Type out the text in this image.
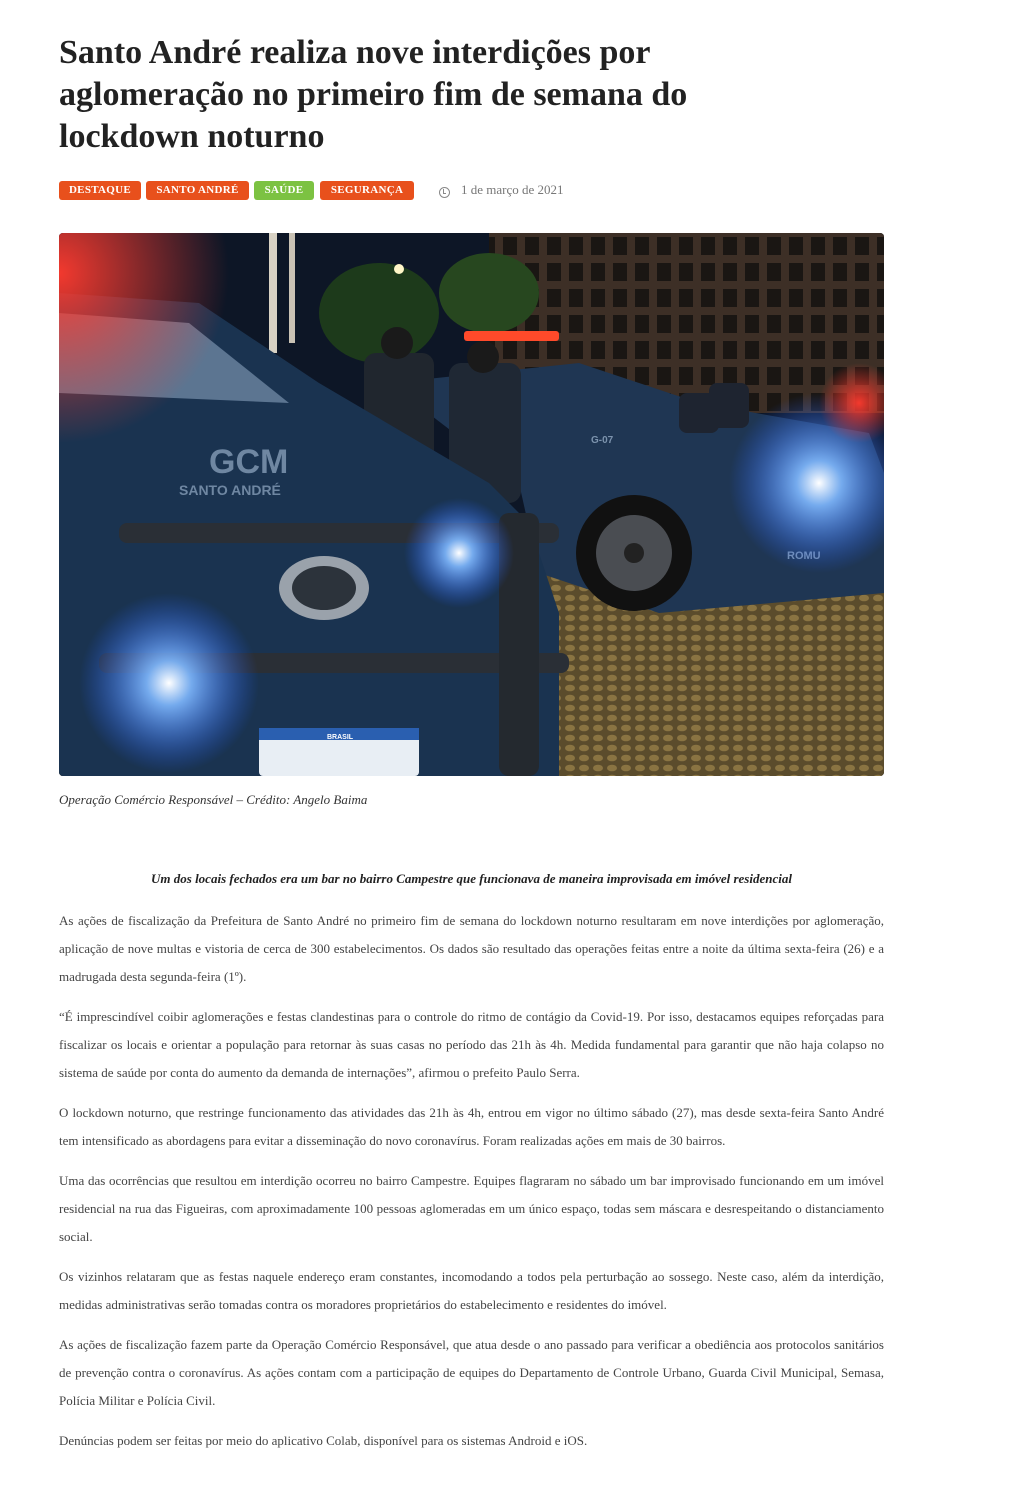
Santo André realiza nove interdições por aglomeração no primeiro fim de semana do lockdown noturno
DESTAQUE	SANTO ANDRÉ	SAÚDE	SEGURANÇA	1 de março de 2021
GCM
SANTO ANDRÉ
G-07
BRASIL
Operação Comércio Responsável – Crédito: Angelo Baima
Um dos locais fechados era um bar no bairro Campestre que funcionava de maneira improvisada em imóvel residencial

As ações de fiscalização da Prefeitura de Santo André no primeiro fim de semana do lockdown noturno resultaram em nove interdições por aglomeração, aplicação de nove multas e vistoria de cerca de 300 estabelecimentos. Os dados são resultado das operações feitas entre a noite da última sexta-feira (26) e a madrugada desta segunda-feira (1º).

“É imprescindível coibir aglomerações e festas clandestinas para o controle do ritmo de contágio da Covid-19. Por isso, destacamos equipes reforçadas para fiscalizar os locais e orientar a população para retornar às suas casas no período das 21h às 4h. Medida fundamental para garantir que não haja colapso no sistema de saúde por conta do aumento da demanda de internações”, afirmou o prefeito Paulo Serra.

O lockdown noturno, que restringe funcionamento das atividades das 21h às 4h, entrou em vigor no último sábado (27), mas desde sexta-feira Santo André tem intensificado as abordagens para evitar a disseminação do novo coronavírus. Foram realizadas ações em mais de 30 bairros.

Uma das ocorrências que resultou em interdição ocorreu no bairro Campestre. Equipes flagraram no sábado um bar improvisado funcionando em um imóvel residencial na rua das Figueiras, com aproximadamente 100 pessoas aglomeradas em um único espaço, todas sem máscara e desrespeitando o distanciamento social.

Os vizinhos relataram que as festas naquele endereço eram constantes, incomodando a todos pela perturbação ao sossego. Neste caso, além da interdição, medidas administrativas serão tomadas contra os moradores proprietários do estabelecimento e residentes do imóvel.

As ações de fiscalização fazem parte da Operação Comércio Responsável, que atua desde o ano passado para verificar a obediência aos protocolos sanitários de prevenção contra o coronavírus. As ações contam com a participação de equipes do Departamento de Controle Urbano, Guarda Civil Municipal, Semasa, Polícia Militar e Polícia Civil.

Denúncias podem ser feitas por meio do aplicativo Colab, disponível para os sistemas Android e iOS.
